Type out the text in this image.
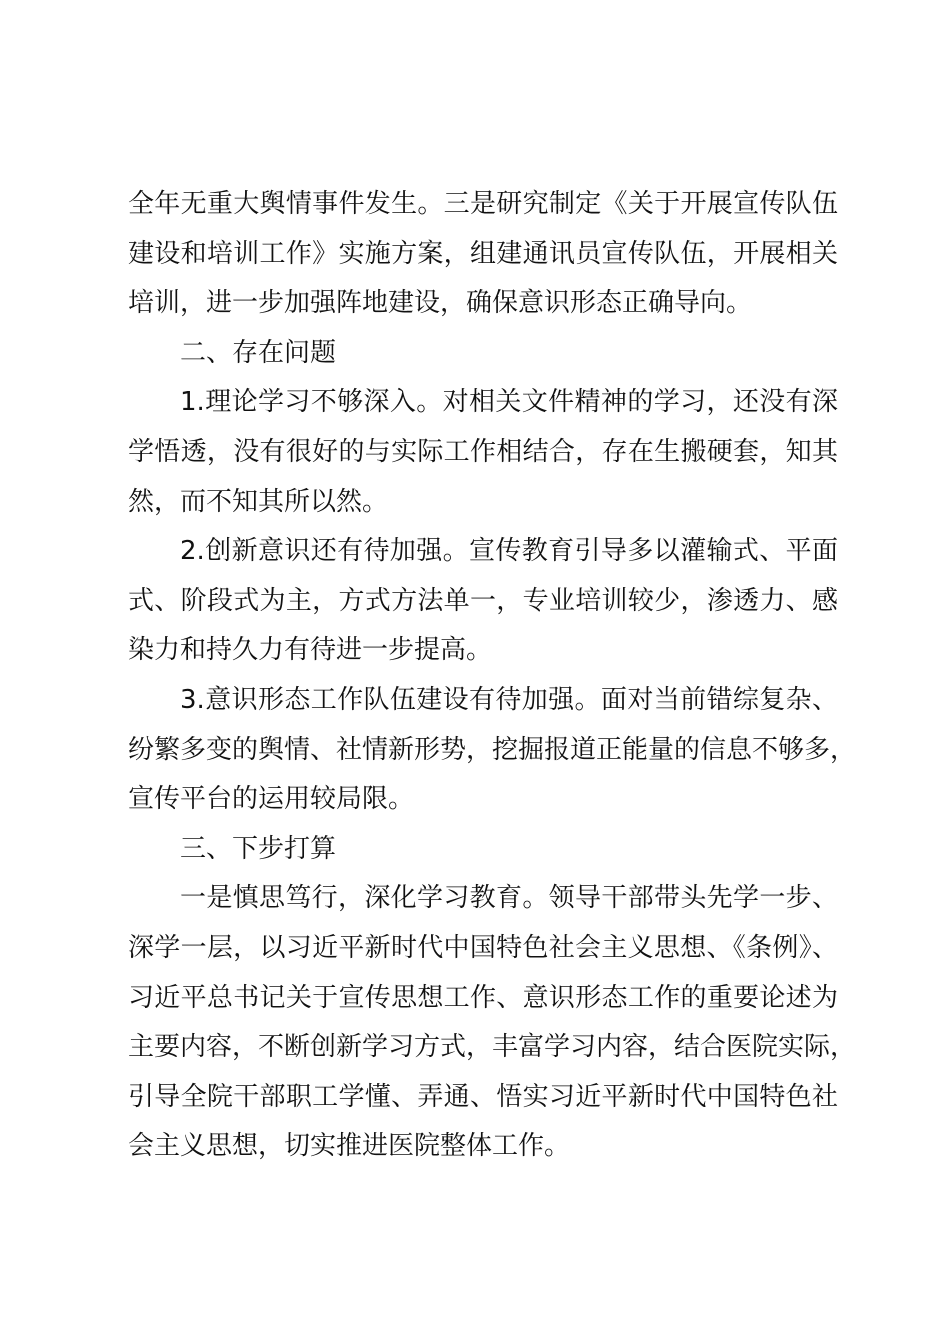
全年无重大舆情事件发生。三是研究制定《关于开展宣传队伍
建设和培训工作》实施方案，组建通讯员宣传队伍，开展相关
培训，进一步加强阵地建设，确保意识形态正确导向。
二、存在问题
1.理论学习不够深入。对相关文件精神的学习，还没有深
学悟透，没有很好的与实际工作相结合，存在生搬硬套，知其
然，而不知其所以然。
2.创新意识还有待加强。宣传教育引导多以灌输式、平面
式、阶段式为主，方式方法单一，专业培训较少，渗透力、感
染力和持久力有待进一步提高。
3.意识形态工作队伍建设有待加强。面对当前错综复杂、
纷繁多变的舆情、社情新形势，挖掘报道正能量的信息不够多，
宣传平台的运用较局限。
三、下步打算
一是慎思笃行，深化学习教育。领导干部带头先学一步、
深学一层，以习近平新时代中国特色社会主义思想、《条例》、
习近平总书记关于宣传思想工作、意识形态工作的重要论述为
主要内容，不断创新学习方式，丰富学习内容，结合医院实际，
引导全院干部职工学懂、弄通、悟实习近平新时代中国特色社
会主义思想，切实推进医院整体工作。
